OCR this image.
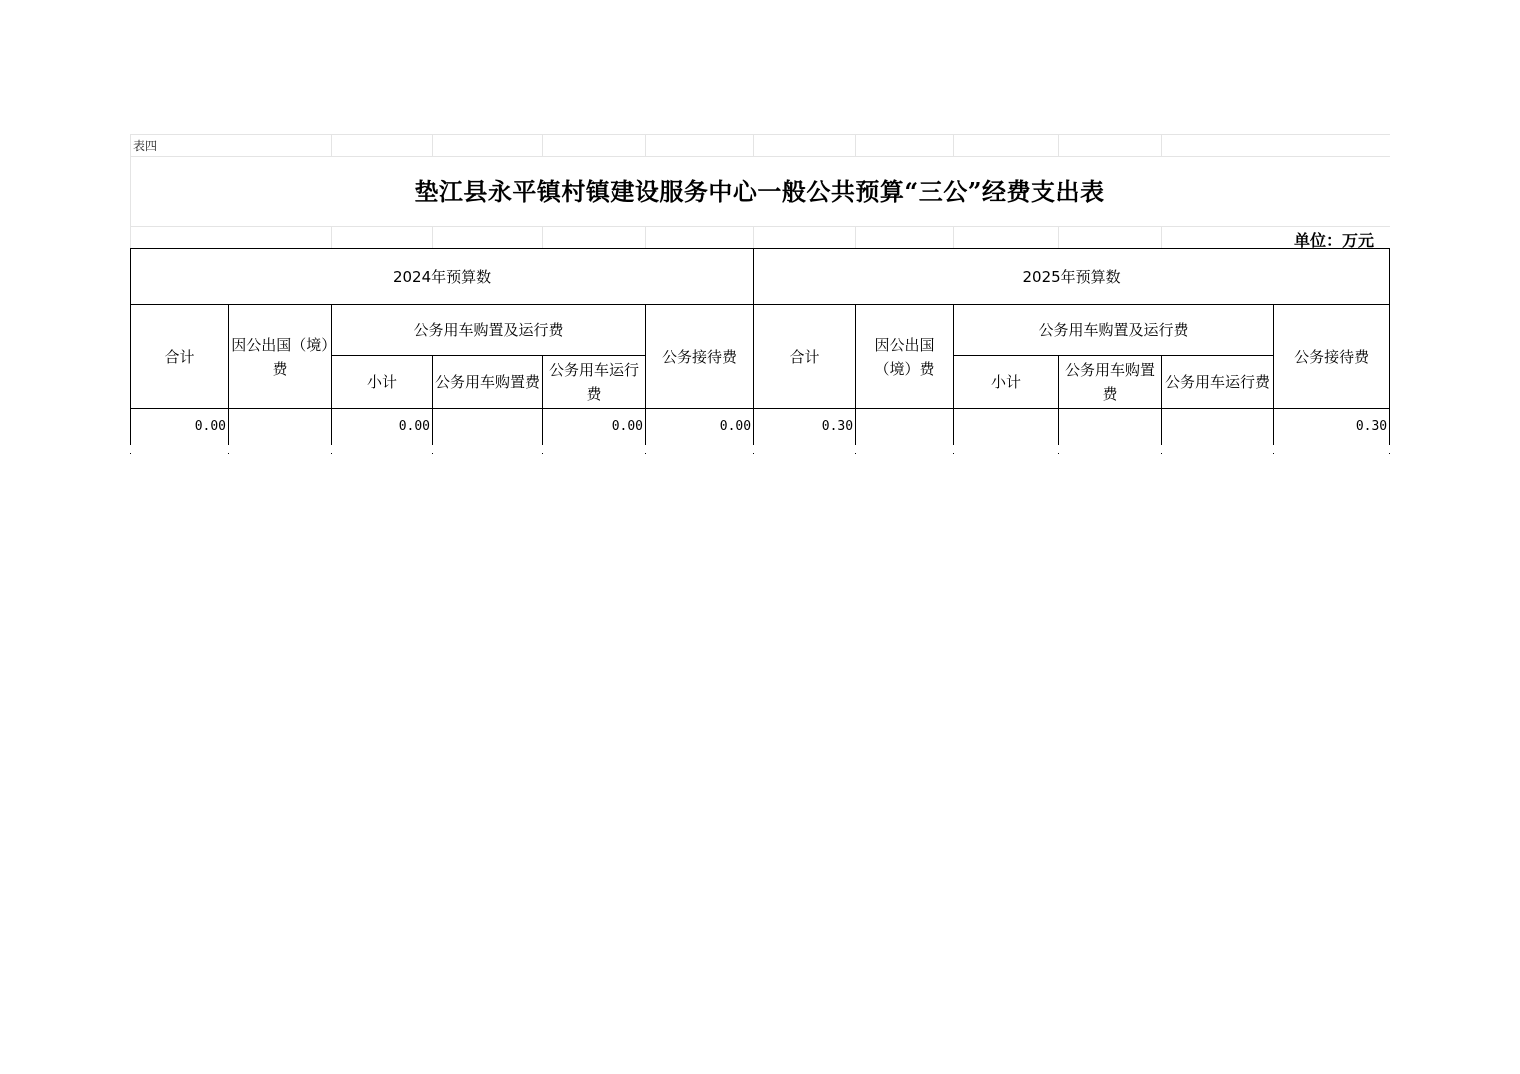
表四
垫江县永平镇村镇建设服务中心一般公共预算“三公”经费支出表
单位：万元
2024年预算数						2025年预算数					
合计	因公出国（境）费	公务用车购置及运行费			公务接待费	合计	因公出国（境）费	公务用车购置及运行费			公务接待费
		小计	公务用车购置费	公务用车运行费				小计	公务用车购置费	公务用车运行费	
0.00		0.00		0.00	0.00	0.30					0.30
